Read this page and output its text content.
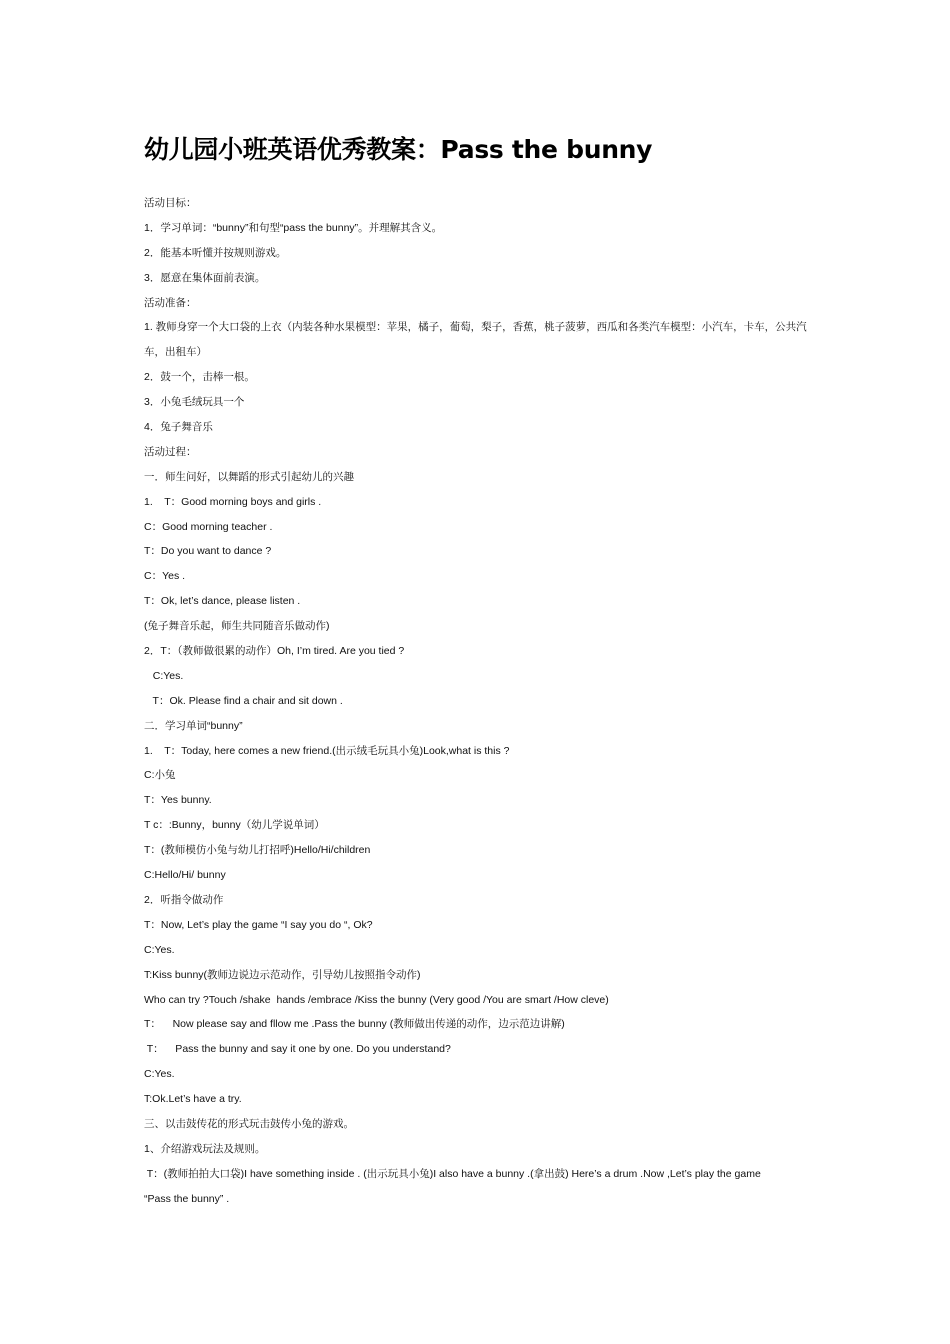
幼儿园小班英语优秀教案：Pass the bunny
活动目标：
1．学习单词：“bunny”和句型“pass the bunny”。并理解其含义。
2．能基本听懂并按规则游戏。
3．愿意在集体面前表演。
活动准备：
1. 教师身穿一个大口袋的上衣（内装各种水果模型：苹果，橘子，葡萄，梨子，香蕉，桃子菠萝，西瓜和各类汽车模型：小汽车，卡车，公共汽
车，出租车）
2．鼓一个，击棒一根。
3．小兔毛绒玩具一个
4．兔子舞音乐
活动过程：
一．师生问好，以舞蹈的形式引起幼儿的兴趣
1.    T：Good morning boys and girls .
C：Good morning teacher .
T：Do you want to dance ?
C：Yes .
T：Ok, let’s dance, please listen .
(兔子舞音乐起，师生共同随音乐做动作)
2．T：（教师做很累的动作）Oh, I’m tired. Are you tied ?
C:Yes.
T：Ok. Please find a chair and sit down .
二．学习单词“bunny”
1.    T：Today, here comes a new friend.(出示绒毛玩具小兔)Look,what is this ?
C:小兔
T：Yes bunny.
T c：:Bunny，bunny（幼儿学说单词）
T：(教师模仿小兔与幼儿打招呼)Hello/Hi/children
C:Hello/Hi/ bunny
2．听指令做动作
T：Now, Let’s play the game “I say you do “, Ok?
C:Yes.
T:Kiss bunny(教师边说边示范动作，引导幼儿按照指令动作)
Who can try ?Touch /shake  hands /embrace /Kiss the bunny (Very good /You are smart /How cleve)
T：    Now please say and fllow me .Pass the bunny (教师做出传递的动作，边示范边讲解)
T：    Pass the bunny and say it one by one. Do you understand?
C:Yes.
T:Ok.Let’s have a try.
三、以击鼓传花的形式玩击鼓传小兔的游戏。
1、介绍游戏玩法及规则。
T：(教师拍拍大口袋)I have something inside . (出示玩具小兔)I also have a bunny .(拿出鼓) Here’s a drum .Now ,Let’s play the game
“Pass the bunny” .
